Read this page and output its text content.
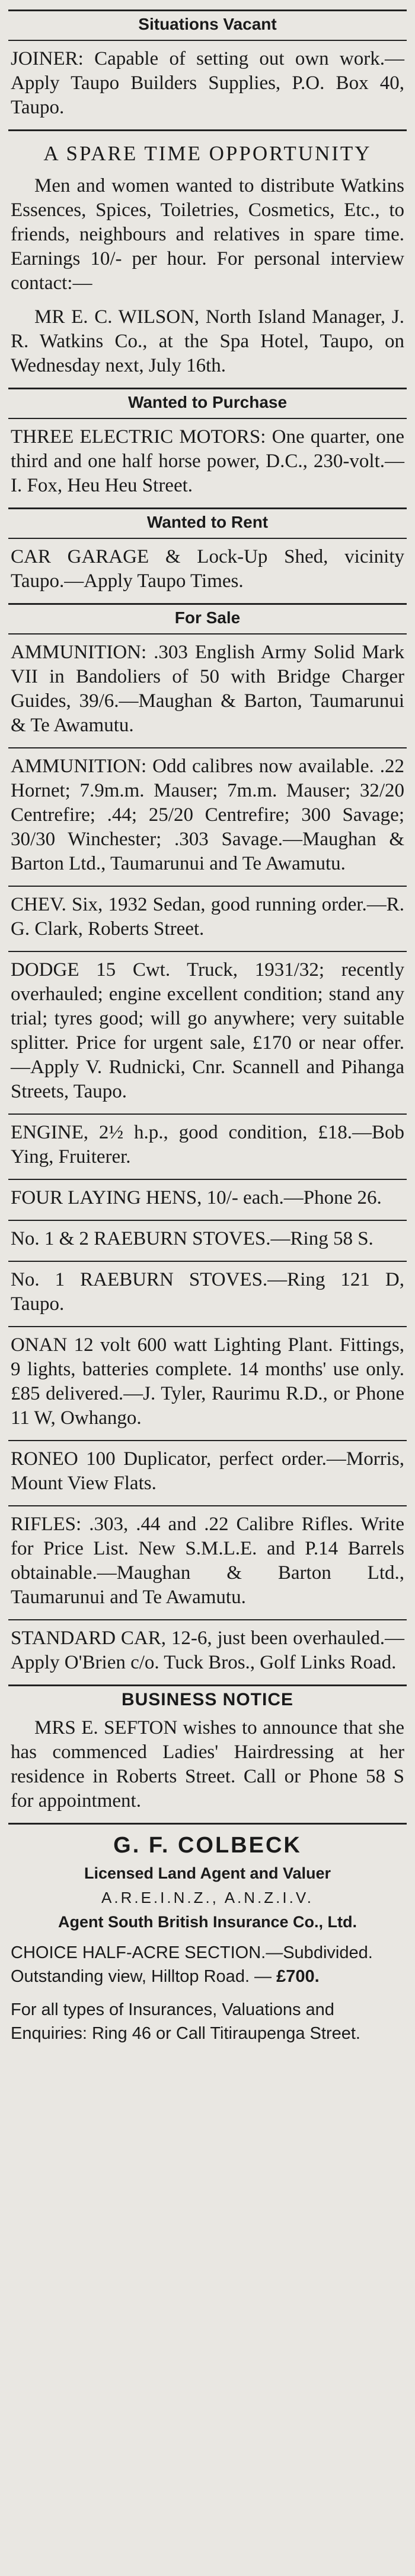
Situations Vacant

JOINER: Capable of setting out own work.—Apply Taupo Builders Supplies, P.O. Box 40, Taupo.

A SPARE TIME OPPORTUNITY

Men and women wanted to distribute Watkins Essences, Spices, Toiletries, Cosmetics, Etc., to friends, neighbours and relatives in spare time. Earnings 10/- per hour. For personal interview contact:—

MR E. C. WILSON, North Island Manager, J. R. Watkins Co., at the Spa Hotel, Taupo, on Wednesday next, July 16th.

Wanted to Purchase

THREE ELECTRIC MOTORS: One quarter, one third and one half horse power, D.C., 230-volt.—I. Fox, Heu Heu Street.

Wanted to Rent

CAR GARAGE & Lock-Up Shed, vicinity Taupo.—Apply Taupo Times.

For Sale

AMMUNITION: .303 English Army Solid Mark VII in Bandoliers of 50 with Bridge Charger Guides, 39/6.—Maughan & Barton, Taumarunui & Te Awamutu.

AMMUNITION: Odd calibres now available. .22 Hornet; 7.9m.m. Mauser; 7m.m. Mauser; 32/20 Centrefire; .44; 25/20 Centrefire; 300 Savage; 30/30 Winchester; .303 Savage.—Maughan & Barton Ltd., Taumarunui and Te Awamutu.

CHEV. Six, 1932 Sedan, good running order.—R. G. Clark, Roberts Street.

DODGE 15 Cwt. Truck, 1931/32; recently overhauled; engine excellent condition; stand any trial; tyres good; will go anywhere; very suitable splitter. Price for urgent sale, £170 or near offer.—Apply V. Rudnicki, Cnr. Scannell and Pihanga Streets, Taupo.

ENGINE, 2½ h.p., good condition, £18.—Bob Ying, Fruiterer.

FOUR LAYING HENS, 10/- each.—Phone 26.

No. 1 & 2 RAEBURN STOVES.—Ring 58 S.

No. 1 RAEBURN STOVES.—Ring 121 D, Taupo.

ONAN 12 volt 600 watt Lighting Plant. Fittings, 9 lights, batteries complete. 14 months' use only. £85 delivered.—J. Tyler, Raurimu R.D., or Phone 11 W, Owhango.

RONEO 100 Duplicator, perfect order.—Morris, Mount View Flats.

RIFLES: .303, .44 and .22 Calibre Rifles. Write for Price List. New S.M.L.E. and P.14 Barrels obtainable.—Maughan & Barton Ltd., Taumarunui and Te Awamutu.

STANDARD CAR, 12-6, just been overhauled.—Apply O'Brien c/o. Tuck Bros., Golf Links Road.

BUSINESS NOTICE

MRS E. SEFTON wishes to announce that she has commenced Ladies' Hairdressing at her residence in Roberts Street. Call or Phone 58 S for appointment.

G. F. COLBECK
Licensed Land Agent and Valuer
A.R.E.I.N.Z., A.N.Z.I.V.
Agent South British Insurance Co., Ltd.

CHOICE HALF-ACRE SECTION.—Subdivided. Outstanding view, Hilltop Road. — £700.

For all types of Insurances, Valuations and Enquiries: Ring 46 or Call Titiraupenga Street.
